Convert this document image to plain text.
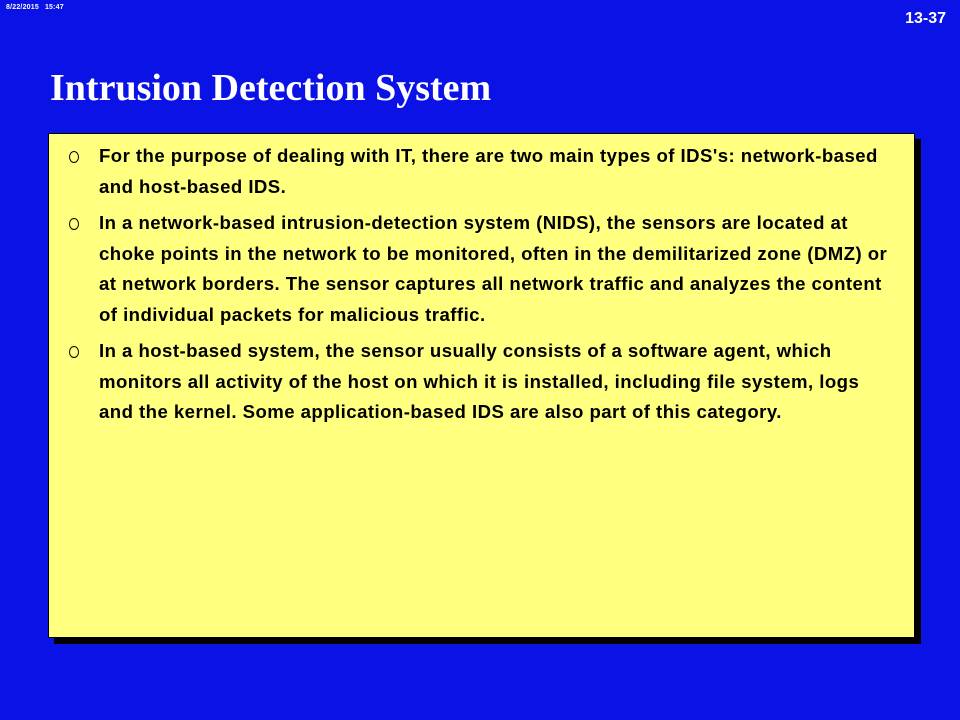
8/22/2015 15:47
13-37
Intrusion Detection System
For the purpose of dealing with IT, there are two main types of IDS's: network-based and host-based IDS.
In a network-based intrusion-detection system (NIDS), the sensors are located at choke points in the network to be monitored, often in the demilitarized zone (DMZ) or at network borders. The sensor captures all network traffic and analyzes the content of individual packets for malicious traffic.
In a host-based system, the sensor usually consists of a software agent, which monitors all activity of the host on which it is installed, including file system, logs and the kernel. Some application-based IDS are also part of this category.
